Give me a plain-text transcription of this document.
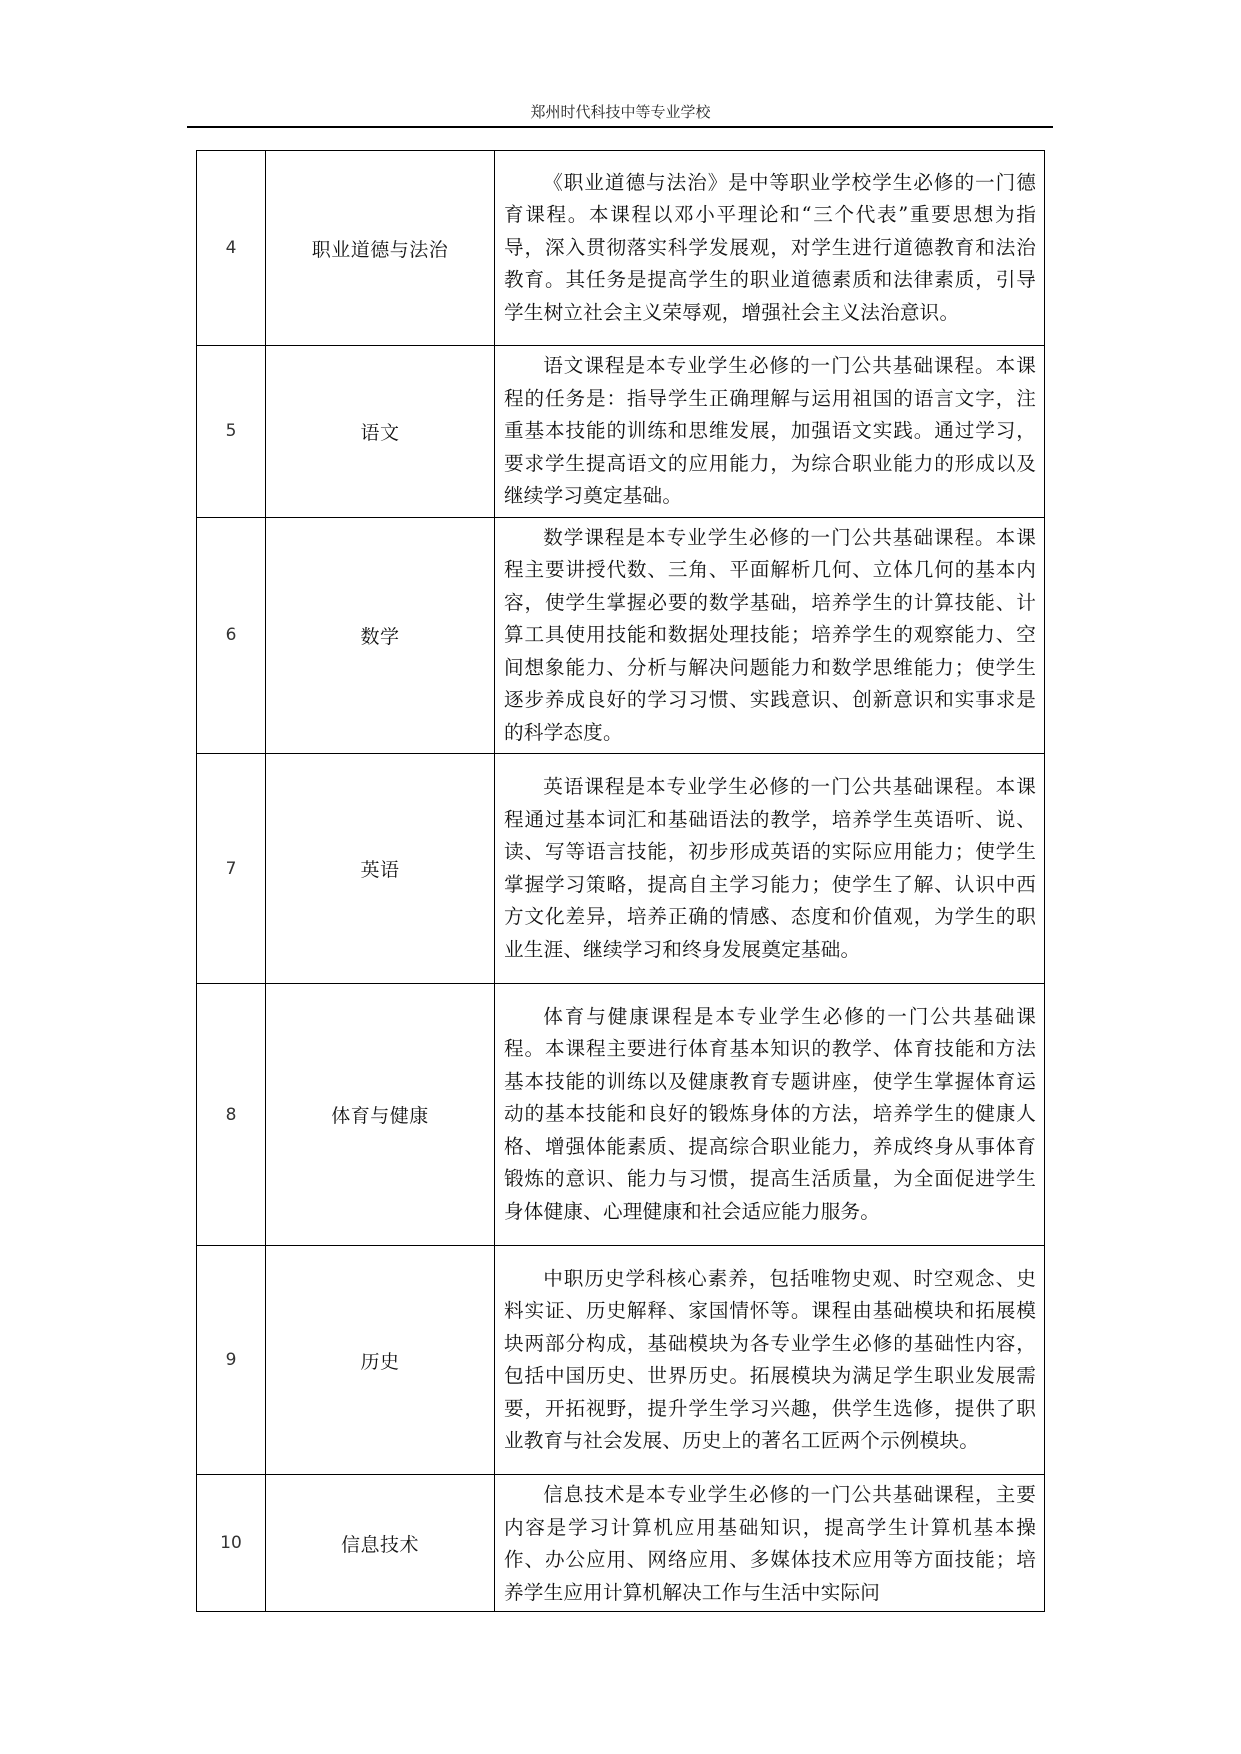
郑州时代科技中等专业学校
4	职业道德与法治	《职业道德与法治》是中等职业学校学生必修的一门德育课程。本课程以邓小平理论和“三个代表”重要思想为指导，深入贯彻落实科学发展观，对学生进行道德教育和法治教育。其任务是提高学生的职业道德素质和法律素质，引导学生树立社会主义荣辱观，增强社会主义法治意识。

5	语文	语文课程是本专业学生必修的一门公共基础课程。本课程的任务是：指导学生正确理解与运用祖国的语言文字，注重基本技能的训练和思维发展，加强语文实践。通过学习，要求学生提高语文的应用能力，为综合职业能力的形成以及继续学习奠定基础。

6	数学	数学课程是本专业学生必修的一门公共基础课程。本课程主要讲授代数、三角、平面解析几何、立体几何的基本内容，使学生掌握必要的数学基础，培养学生的计算技能、计算工具使用技能和数据处理技能；培养学生的观察能力、空间想象能力、分析与解决问题能力和数学思维能力；使学生逐步养成良好的学习习惯、实践意识、创新意识和实事求是的科学态度。

7	英语	英语课程是本专业学生必修的一门公共基础课程。本课程通过基本词汇和基础语法的教学，培养学生英语听、说、读、写等语言技能，初步形成英语的实际应用能力；使学生掌握学习策略，提高自主学习能力；使学生了解、认识中西方文化差异，培养正确的情感、态度和价值观，为学生的职业生涯、继续学习和终身发展奠定基础。

8	体育与健康	体育与健康课程是本专业学生必修的一门公共基础课程。本课程主要进行体育基本知识的教学、体育技能和方法基本技能的训练以及健康教育专题讲座，使学生掌握体育运动的基本技能和良好的锻炼身体的方法，培养学生的健康人格、增强体能素质、提高综合职业能力，养成终身从事体育锻炼的意识、能力与习惯，提高生活质量，为全面促进学生身体健康、心理健康和社会适应能力服务。

9	历史	中职历史学科核心素养，包括唯物史观、时空观念、史料实证、历史解释、家国情怀等。课程由基础模块和拓展模块两部分构成，基础模块为各专业学生必修的基础性内容，包括中国历史、世界历史。拓展模块为满足学生职业发展需要，开拓视野，提升学生学习兴趣，供学生选修，提供了职业教育与社会发展、历史上的著名工匠两个示例模块。

10	信息技术	信息技术是本专业学生必修的一门公共基础课程，主要内容是学习计算机应用基础知识，提高学生计算机基本操作、办公应用、网络应用、多媒体技术应用等方面技能；培养学生应用计算机解决工作与生活中实际问
